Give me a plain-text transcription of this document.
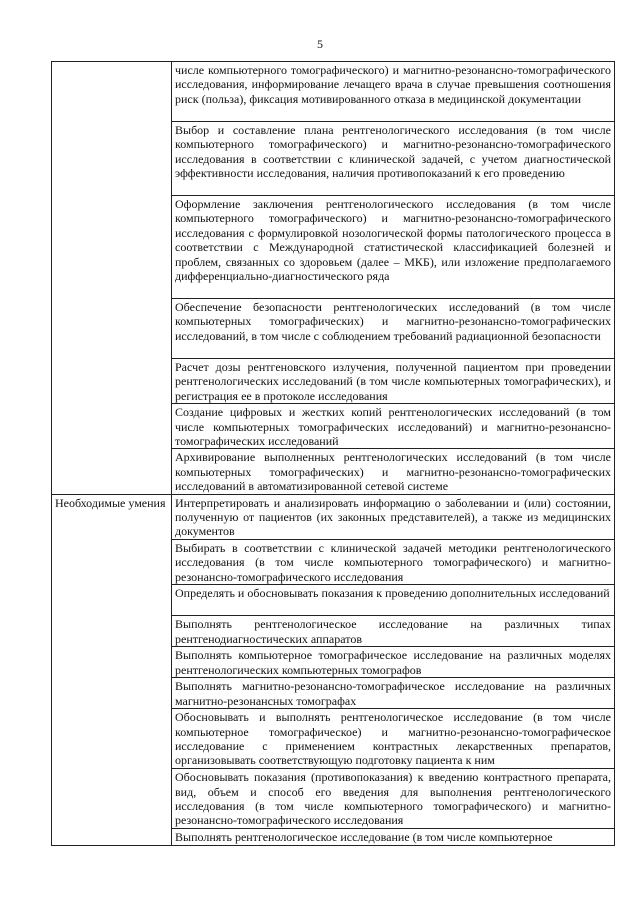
5
	числе компьютерного томографического) и магнитно-резонансно-томографического исследования, информирование лечащего врача в случае превышения соотношения риск (польза), фиксация мотивированного отказа в медицинской документации
	Выбор и составление плана рентгенологического исследования (в том числе компьютерного томографического) и магнитно-резонансно-томографического исследования в соответствии с клинической задачей, с учетом диагностической эффективности исследования, наличия противопоказаний к его проведению
	Оформление заключения рентгенологического исследования (в том числе компьютерного томографического) и магнитно-резонансно-томографического исследования с формулировкой нозологической формы патологического процесса в соответствии с Международной статистической классификацией болезней и проблем, связанных со здоровьем (далее – МКБ), или изложение предполагаемого дифференциально-диагностического ряда
	Обеспечение безопасности рентгенологических исследований (в том числе компьютерных томографических) и магнитно-резонансно-томографических исследований, в том числе с соблюдением требований радиационной безопасности
	Расчет дозы рентгеновского излучения, полученной пациентом при проведении рентгенологических исследований (в том числе компьютерных томографических), и регистрация ее в протоколе исследования
	Создание цифровых и жестких копий рентгенологических исследований (в том числе компьютерных томографических исследований) и магнитно-резонансно-томографических исследований
	Архивирование выполненных рентгенологических исследований (в том числе компьютерных томографических) и магнитно-резонансно-томографических исследований в автоматизированной сетевой системе
Необходимые умения	Интерпретировать и анализировать информацию о заболевании и (или) состоянии, полученную от пациентов (их законных представителей), а также из медицинских документов
	Выбирать в соответствии с клинической задачей методики рентгенологического исследования (в том числе компьютерного томографического) и магнитно-резонансно-томографического исследования
	Определять и обосновывать показания к проведению дополнительных исследований
	Выполнять рентгенологическое исследование на различных типах рентгенодиагностических аппаратов
	Выполнять компьютерное томографическое исследование на различных моделях рентгенологических компьютерных томографов
	Выполнять магнитно-резонансно-томографическое исследование на различных магнитно-резонансных томографах
	Обосновывать и выполнять рентгенологическое исследование (в том числе компьютерное томографическое) и магнитно-резонансно-томографическое исследование с применением контрастных лекарственных препаратов, организовывать соответствующую подготовку пациента к ним
	Обосновывать показания (противопоказания) к введению контрастного препарата, вид, объем и способ его введения для выполнения рентгенологического исследования (в том числе компьютерного томографического) и магнитно-резонансно-томографического исследования
	Выполнять рентгенологическое исследование (в том числе компьютерное
